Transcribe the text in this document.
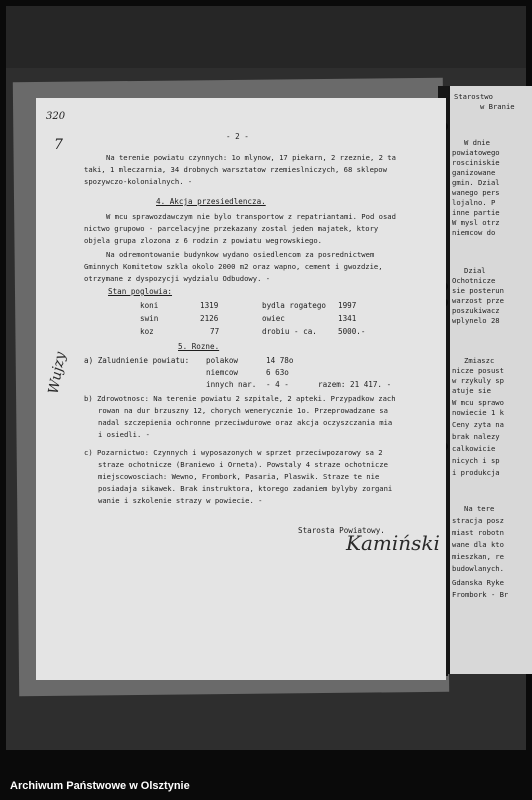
320
7
- 2 -
Na terenie powiatu czynnych: 1o mlynow, 17 piekarn, 2 rzeznie, 2 ta
taki, 1 mleczarnia, 34 drobnych warsztatow rzemieslniczych, 68 sklepow
spozywczo-kolonialnych. -
4. Akcja przesiedlencza.
W mcu sprawozdawczym nie bylo transportow z repatriantami. Pod osad
nictwo grupowo - parcelacyjne przekazany zostal jeden majatek, ktory
objela grupa zlozona z 6 rodzin z powiatu wegrowskiego.
Na odremontowanie budynkow wydano osiedlencom za posrednictwem
Gminnych Komitetow szkla okolo 2000 m2 oraz wapno, cement i gwozdzie,
otrzymane z dyspozycji wydzialu Odbudowy. -
Stan poglowia:
koni	1319	bydla rogatego 1997
swin	2126	owiec	1341
koz	77	drobiu - ca.	5000.-
5. Rozne.
a) Zaludnienie powiatu: polakow	14 78o
niemcow	6 63o
innych nar. - 4 -	razem: 21 417. -
b) Zdrowotnosc: Na terenie powiatu 2 szpitale, 2 apteki. Przypadkow zach
rowan na dur brzuszny 12, chorych wenerycznie 1o. Przeprowadzane sa
nadal szczepienia ochronne przeciwdurowe oraz akcja oczyszczania mia
i osiedli. -
c) Pozarnictwo: Czynnych i wyposazonych w sprzet przeciwpozarowy sa 2
straze ochotnicze (Braniewo i Orneta). Powstaly 4 straze ochotnicze
miejscowosciach: Wewno, Frombork, Pasaria, Plaswik. Straze te nie
posiadaja sikawek. Brak instruktora, ktorego zadaniem bylyby zorgani
wanie i szkolenie strazy w powiecie. -
Starosta Powiatowy.
Kamiński
Wujzy
Starostwo
w Branie
W dnie
powiatowego
rosciniskie
ganizowane
gmin. Dzial
wanego pers
lojalno. P
inne partie
W mysl otrz
niemcow do
Dzial
Ochotnicze
sie posterun
warzost prze
poszukiwacz
wplynelo 28
Zmiaszc
nicze posust
w rzykuly sp
atuje sie
W mcu sprawo
nowiecie 1 k
Ceny zyta na
brak nalezy
calkowicie
nicych i sp
i produkcja
Na tere
stracja posz
miast robotn
wane dla kto
mieszkan, re
budowlanych.
Gdanska Ryke
Frombork - Br
Archiwum Państwowe w Olsztynie
